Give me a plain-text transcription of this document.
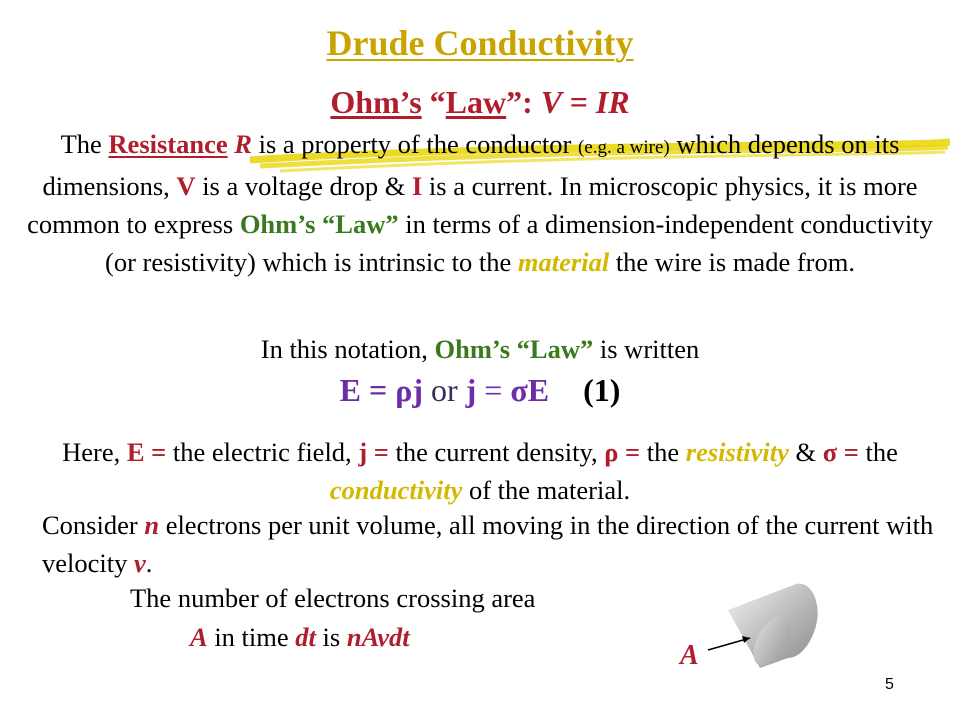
Drude Conductivity
Ohm’s “Law”: V = IR
The Resistance R is a property of the conductor (e.g. a wire) which depends on its dimensions, V is a voltage drop & I is a current. In microscopic physics, it is more common to express Ohm’s “Law” in terms of a dimension-independent conductivity (or resistivity) which is intrinsic to the material the wire is made from.
In this notation, Ohm’s “Law” is written
E = ρj or j = σE (1)
Here, E = the electric field, j = the current density, ρ = the resistivity & σ = the conductivity of the material.
Consider n electrons per unit volume, all moving in the direction of the current with velocity v.
The number of electrons crossing area
A in time dt is nAvdt
A
5
